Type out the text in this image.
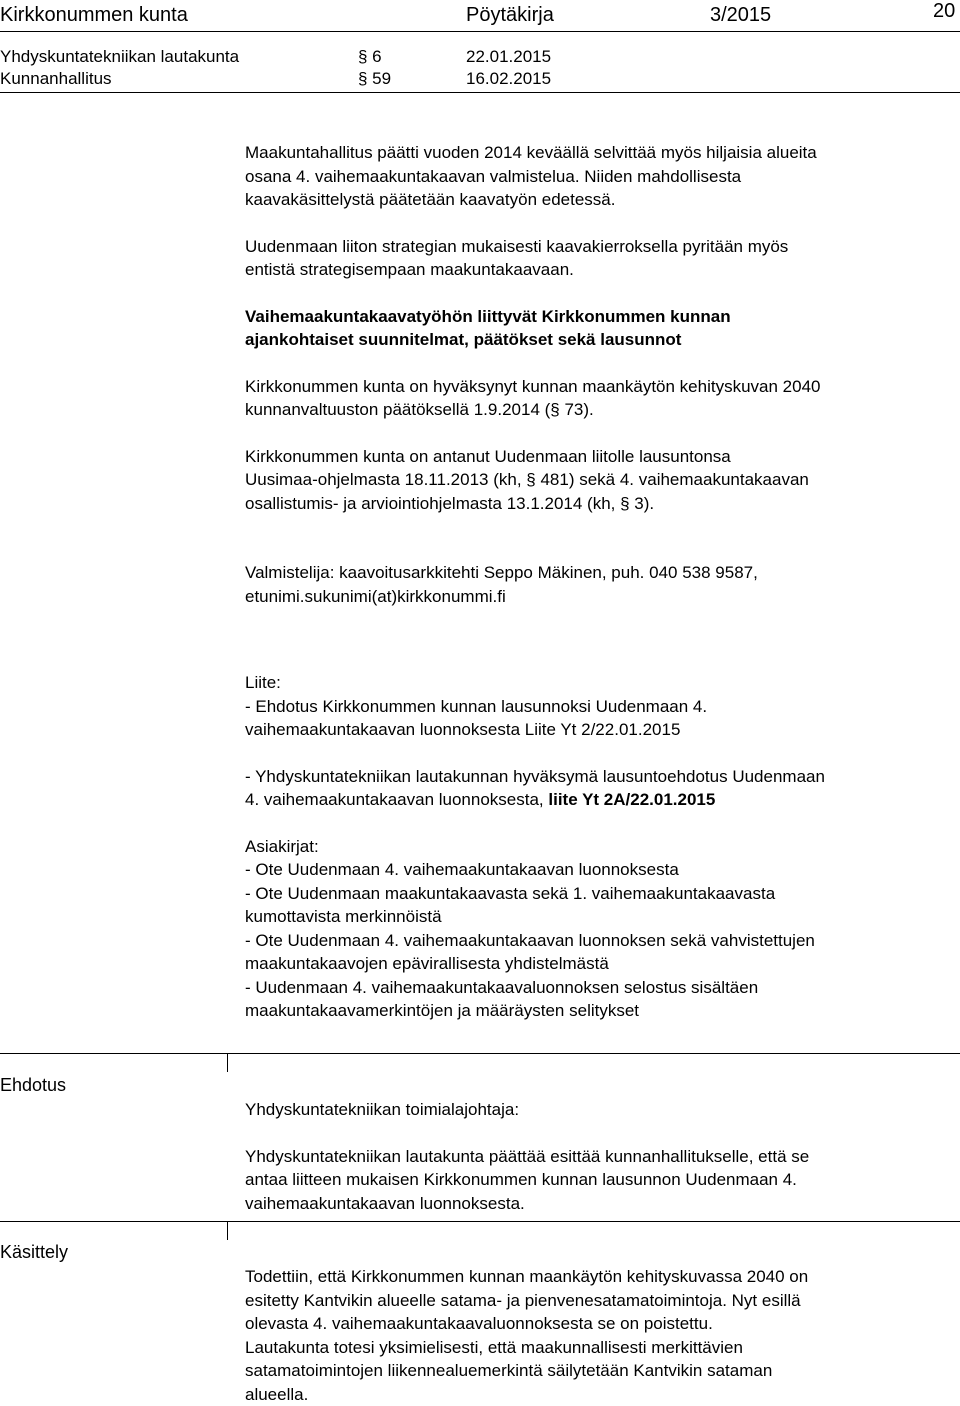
Kirkkonummen kunta	Pöytäkirja	3/2015	20
Yhdyskuntatekniikan lautakunta	§ 6	22.01.2015
Kunnanhallitus	§ 59	16.02.2015

Maakuntahallitus päätti vuoden 2014 keväällä selvittää myös hiljaisia alueita

osana 4. vaihemaakuntakaavan valmistelua. Niiden mahdollisesta

kaavakäsittelystä päätetään kaavatyön edetessä.

Uudenmaan liiton strategian mukaisesti kaavakierroksella pyritään myös

entistä strategisempaan maakuntakaavaan.

Vaihemaakuntakaavatyöhön liittyvät Kirkkonummen kunnan

ajankohtaiset suunnitelmat, päätökset sekä lausunnot

Kirkkonummen kunta on hyväksynyt kunnan maankäytön kehityskuvan 2040

kunnanvaltuuston päätöksellä 1.9.2014 (§ 73).

Kirkkonummen kunta on antanut Uudenmaan liitolle lausuntonsa

Uusimaa-ohjelmasta 18.11.2013 (kh, § 481) sekä 4. vaihemaakuntakaavan

osallistumis- ja arviointiohjelmasta 13.1.2014 (kh, § 3).

Valmistelija: kaavoitusarkkitehti Seppo Mäkinen, puh. 040 538 9587,

etunimi.sukunimi(at)kirkkonummi.fi

Liite:

- Ehdotus Kirkkonummen kunnan lausunnoksi Uudenmaan 4.

vaihemaakuntakaavan luonnoksesta Liite Yt 2/22.01.2015

- Yhdyskuntatekniikan lautakunnan hyväksymä lausuntoehdotus Uudenmaan

4. vaihemaakuntakaavan luonnoksesta, liite Yt 2A/22.01.2015

Asiakirjat:

- Ote Uudenmaan 4. vaihemaakuntakaavan luonnoksesta

- Ote Uudenmaan maakuntakaavasta sekä 1. vaihemaakuntakaavasta

kumottavista merkinnöistä

- Ote Uudenmaan 4. vaihemaakuntakaavan luonnoksen sekä vahvistettujen

maakuntakaavojen epävirallisesta yhdistelmästä

- Uudenmaan 4. vaihemaakuntakaavaluonnoksen selostus sisältäen

maakuntakaavamerkintöjen ja määräysten selitykset

Ehdotus

Yhdyskuntatekniikan toimialajohtaja:

Yhdyskuntatekniikan lautakunta päättää esittää kunnanhallitukselle, että se

antaa liitteen mukaisen Kirkkonummen kunnan lausunnon Uudenmaan 4.

vaihemaakuntakaavan luonnoksesta.

Käsittely

Todettiin, että Kirkkonummen kunnan maankäytön kehityskuvassa 2040 on

esitetty Kantvikin alueelle satama- ja pienvenesatamatoimintoja. Nyt esillä

olevasta 4. vaihemaakuntakaavaluonnoksesta se on poistettu.

Lautakunta totesi yksimielisesti, että maakunnallisesti merkittävien

satamatoimintojen liikennealuemerkintä säilytetään Kantvikin sataman

alueella.
